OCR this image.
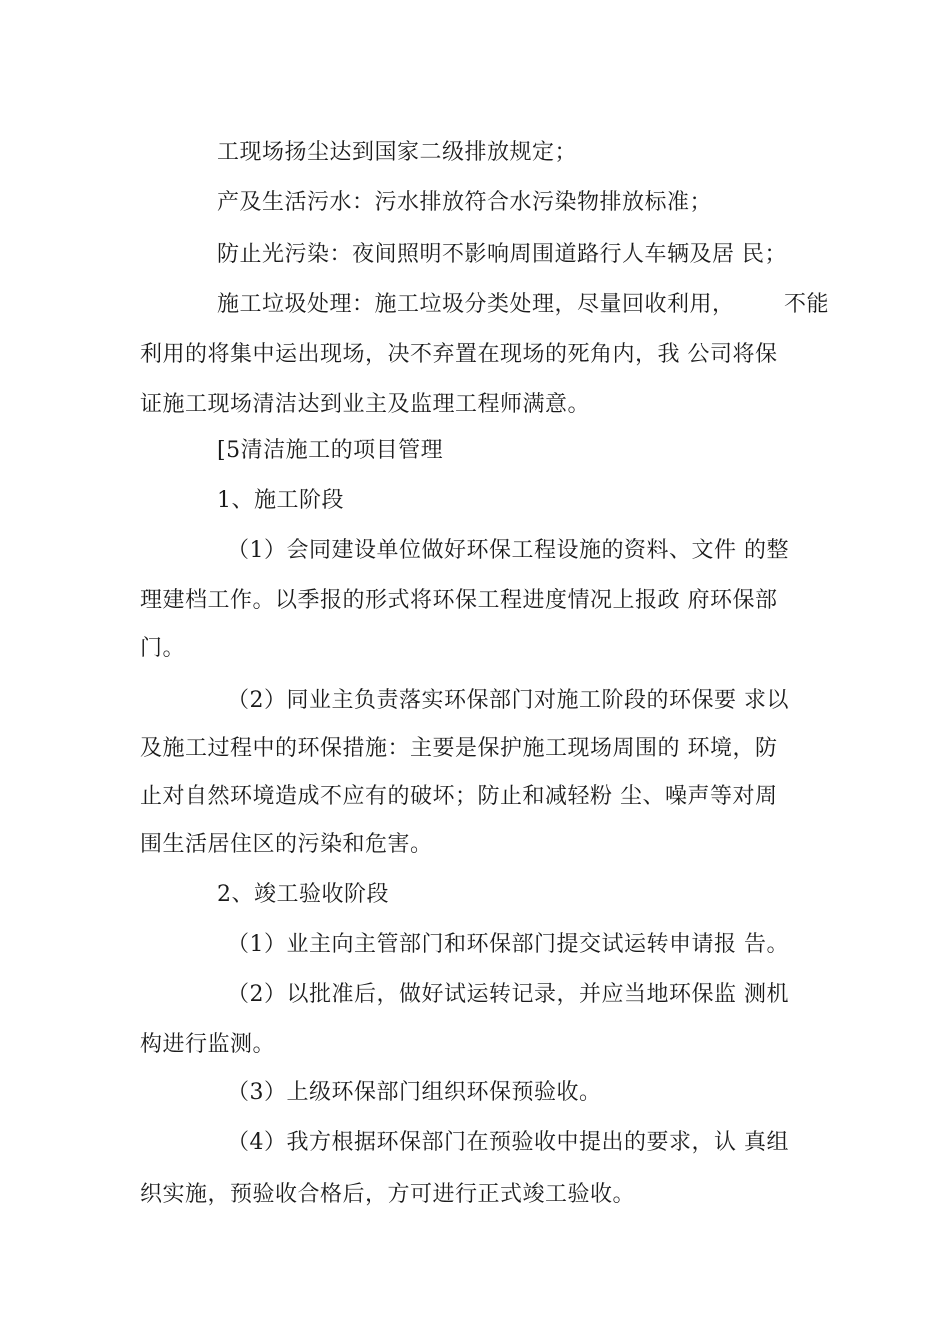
工现场扬尘达到国家二级排放规定；
产及生活污水：污水排放符合水污染物排放标准；
防止光污染：夜间照明不影响周围道路行人车辆及居 民；
施工垃圾处理：施工垃圾分类处理，尽量回收利用， 不能
利用的将集中运出现场，决不弃置在现场的死角内，我 公司将保
证施工现场清洁达到业主及监理工程师满意。
[5清洁施工的项目管理
1、施工阶段
（1）会同建设单位做好环保工程设施的资料、文件 的整
理建档工作。以季报的形式将环保工程进度情况上报政 府环保部
门。
（2）同业主负责落实环保部门对施工阶段的环保要 求以
及施工过程中的环保措施：主要是保护施工现场周围的 环境，防
止对自然环境造成不应有的破坏；防止和减轻粉 尘、噪声等对周
围生活居住区的污染和危害。
2、竣工验收阶段
（1）业主向主管部门和环保部门提交试运转申请报 告。
（2）以批准后，做好试运转记录，并应当地环保监 测机
构进行监测。
（3）上级环保部门组织环保预验收。
（4）我方根据环保部门在预验收中提出的要求，认 真组
织实施，预验收合格后，方可进行正式竣工验收。
